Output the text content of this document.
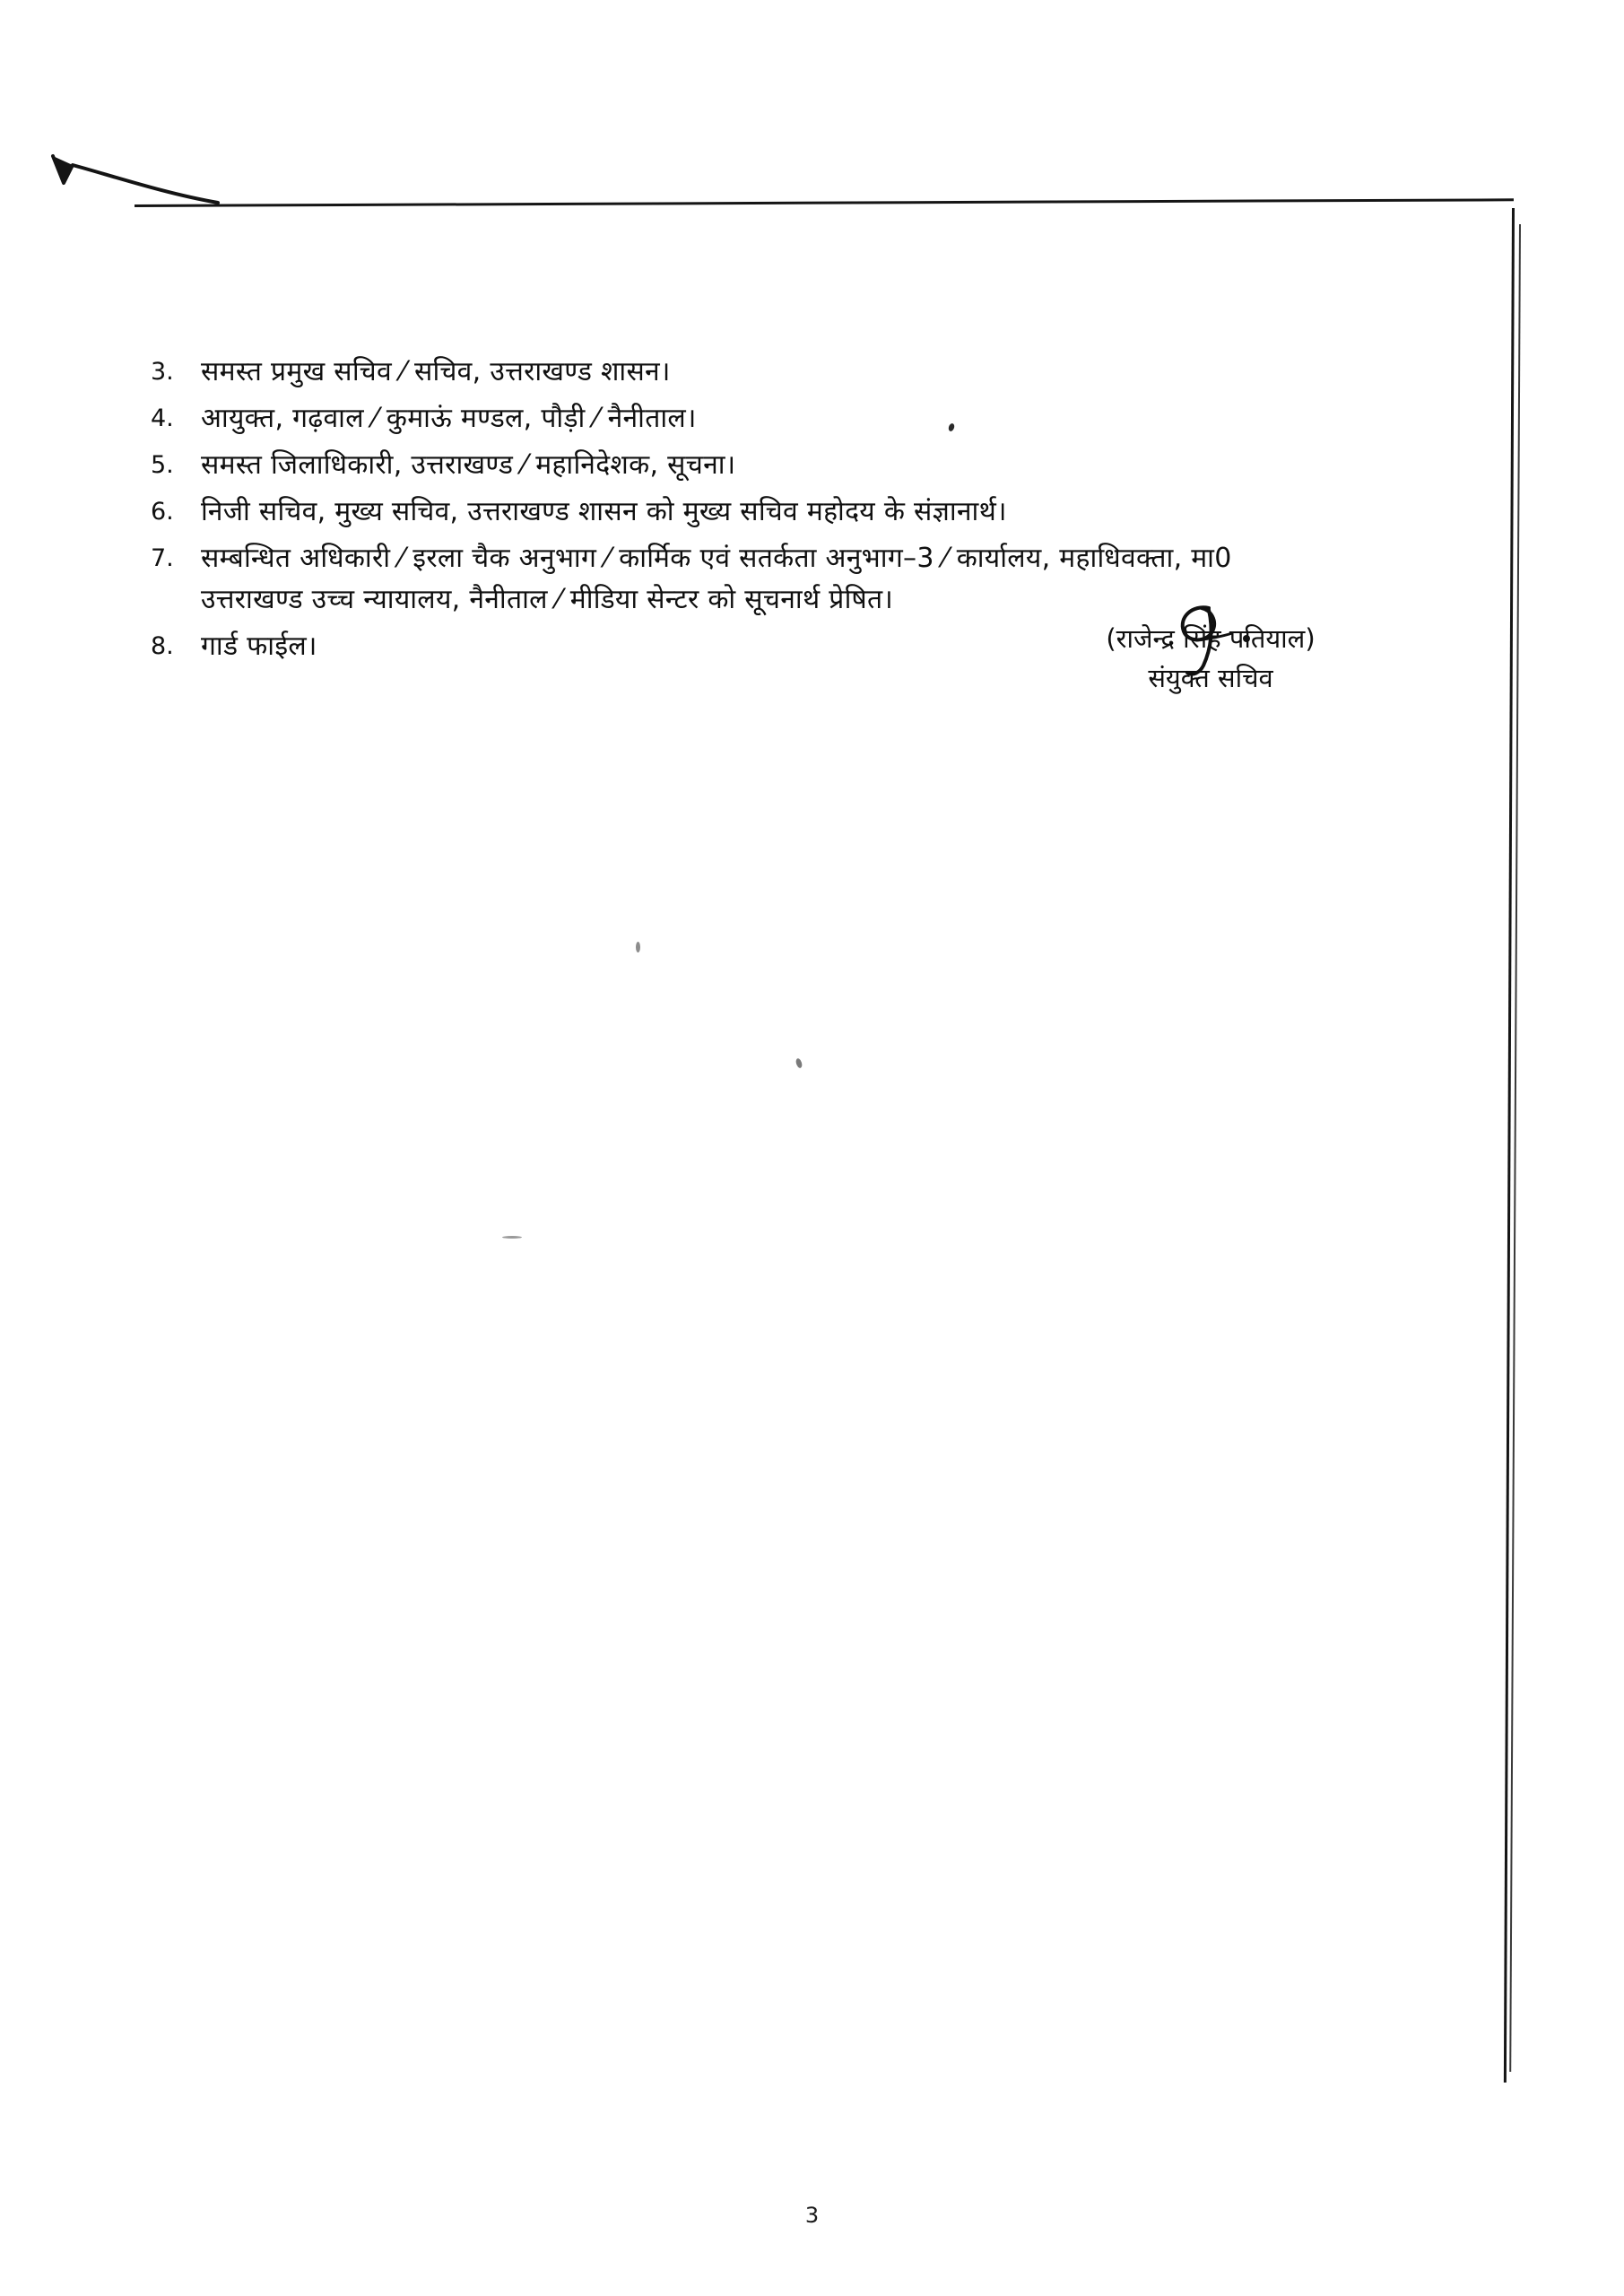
3.	समस्त प्रमुख सचिव ⁄ सचिव, उत्तराखण्ड शासन।
4.	आयुक्त, गढ़वाल ⁄ कुमाऊं मण्डल, पौड़ी ⁄ नैनीताल।
5.	समस्त जिलाधिकारी, उत्तराखण्ड ⁄ महानिदेशक, सूचना।
6.	निजी सचिव, मुख्य सचिव, उत्तराखण्ड शासन को मुख्य सचिव महोदय के संज्ञानार्थ।
7.	सम्बन्धित अधिकारी ⁄ इरला चैक अनुभाग ⁄ कार्मिक एवं सतर्कता अनुभाग–3 ⁄ कार्यालय, महाधिवक्ता, मा0
उत्तराखण्ड उच्च न्यायालय, नैनीताल ⁄ मीडिया सेन्टर को सूचनार्थ प्रेषित।
8.	गार्ड फाईल।	(राजेन्द्र सिंह पतियाल)
संयुक्त सचिव
3
